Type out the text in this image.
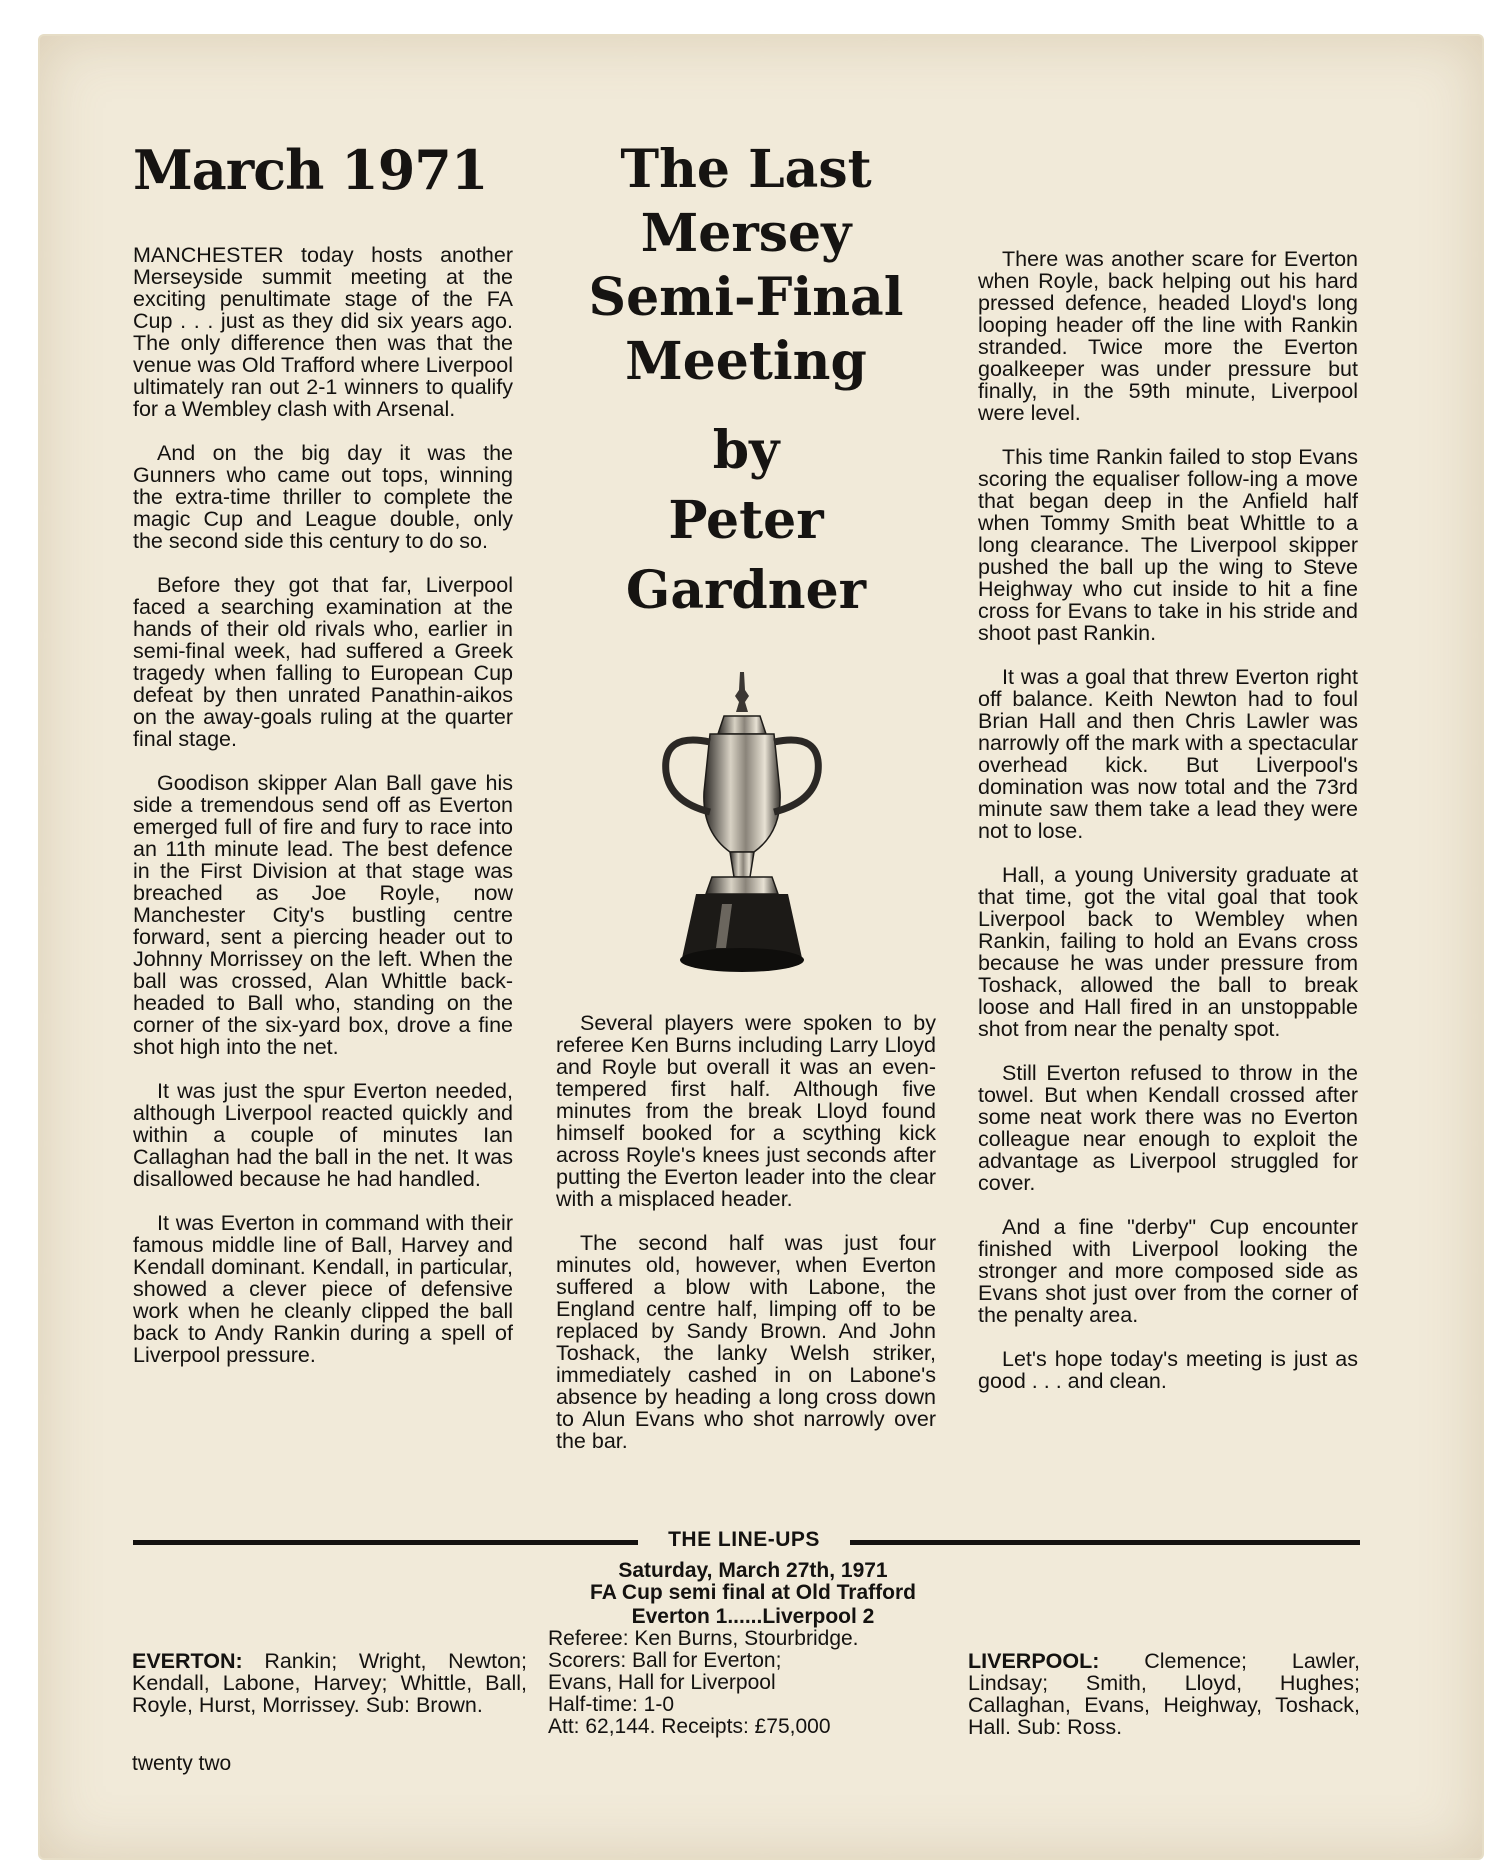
March 1971	The Last
Mersey
Semi-Final
Meeting
by
Peter
Gardner

MANCHESTER today hosts another Merseyside summit meeting at the exciting penultimate stage of the FA Cup . . . just as they did six years ago. The only difference then was that the venue was Old Trafford where Liverpool ultimately ran out 2-1 winners to qualify for a Wembley clash with Arsenal.

And on the big day it was the Gunners who came out tops, winning the extra-time thriller to complete the magic Cup and League double, only the second side this century to do so.

Before they got that far, Liverpool faced a searching examination at the hands of their old rivals who, earlier in semi-final week, had suffered a Greek tragedy when falling to European Cup defeat by then unrated Panathin-aikos on the away-goals ruling at the quarter final stage.

Goodison skipper Alan Ball gave his side a tremendous send off as Everton emerged full of fire and fury to race into an 11th minute lead. The best defence in the First Division at that stage was breached as Joe Royle, now Manchester City's bustling centre forward, sent a piercing header out to Johnny Morrissey on the left. When the ball was crossed, Alan Whittle back-headed to Ball who, standing on the corner of the six-yard box, drove a fine shot high into the net.

It was just the spur Everton needed, although Liverpool reacted quickly and within a couple of minutes Ian Callaghan had the ball in the net. It was disallowed because he had handled.

It was Everton in command with their famous middle line of Ball, Harvey and Kendall dominant. Kendall, in particular, showed a clever piece of defensive work when he cleanly clipped the ball back to Andy Rankin during a spell of Liverpool pressure.

Several players were spoken to by referee Ken Burns including Larry Lloyd and Royle but overall it was an even-tempered first half. Although five minutes from the break Lloyd found himself booked for a scything kick across Royle's knees just seconds after putting the Everton leader into the clear with a misplaced header.

The second half was just four minutes old, however, when Everton suffered a blow with Labone, the England centre half, limping off to be replaced by Sandy Brown. And John Toshack, the lanky Welsh striker, immediately cashed in on Labone's absence by heading a long cross down to Alun Evans who shot narrowly over the bar.

There was another scare for Everton when Royle, back helping out his hard pressed defence, headed Lloyd's long looping header off the line with Rankin stranded. Twice more the Everton goalkeeper was under pressure but finally, in the 59th minute, Liverpool were level.

This time Rankin failed to stop Evans scoring the equaliser follow-ing a move that began deep in the Anfield half when Tommy Smith beat Whittle to a long clearance. The Liverpool skipper pushed the ball up the wing to Steve Heighway who cut inside to hit a fine cross for Evans to take in his stride and shoot past Rankin.

It was a goal that threw Everton right off balance. Keith Newton had to foul Brian Hall and then Chris Lawler was narrowly off the mark with a spectacular overhead kick. But Liverpool's domination was now total and the 73rd minute saw them take a lead they were not to lose.

Hall, a young University graduate at that time, got the vital goal that took Liverpool back to Wembley when Rankin, failing to hold an Evans cross because he was under pressure from Toshack, allowed the ball to break loose and Hall fired in an unstoppable shot from near the penalty spot.

Still Everton refused to throw in the towel. But when Kendall crossed after some neat work there was no Everton colleague near enough to exploit the advantage as Liverpool struggled for cover.

And a fine "derby" Cup encounter finished with Liverpool looking the stronger and more composed side as Evans shot just over from the corner of the penalty area.

Let's hope today's meeting is just as good . . . and clean.

THE LINE-UPS
Saturday, March 27th, 1971
FA Cup semi final at Old Trafford
Everton 1......Liverpool 2
Referee: Ken Burns, Stourbridge.
Scorers: Ball for Everton;
Evans, Hall for Liverpool
Half-time: 1-0
Att: 62,144. Receipts: £75,000
EVERTON: Rankin; Wright, Newton; Kendall, Labone, Harvey; Whittle, Ball, Royle, Hurst, Morrissey. Sub: Brown.
LIVERPOOL: Clemence; Lawler, Lindsay; Smith, Lloyd, Hughes; Callaghan, Evans, Heighway, Toshack, Hall. Sub: Ross.
twenty two
